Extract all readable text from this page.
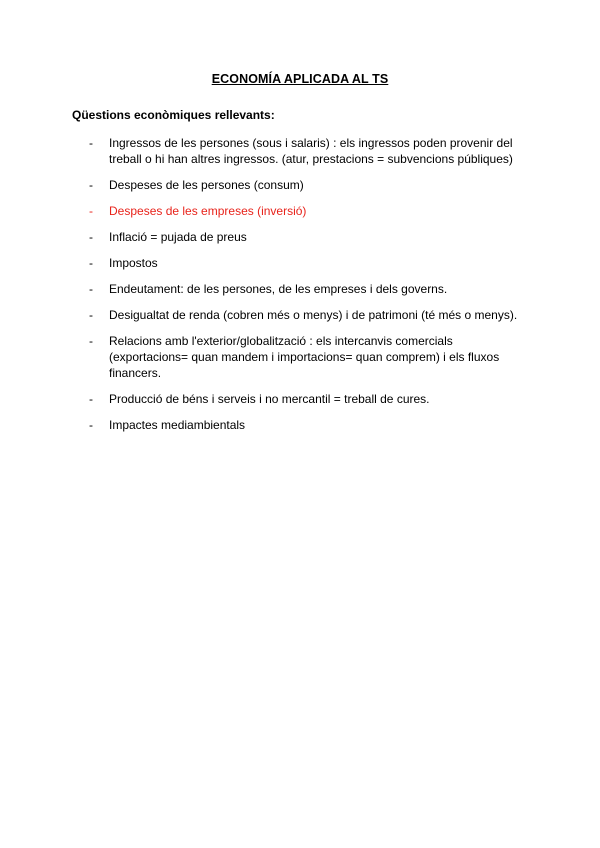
ECONOMÍA APLICADA AL TS
Qüestions econòmiques rellevants:
- Ingressos de les persones (sous i salaris) : els ingressos poden provenir del treball o hi han altres ingressos. (atur, prestacions = subvencions públiques)
- Despeses de les persones (consum)
- Despeses de les empreses (inversió)
- Inflació = pujada de preus
- Impostos
- Endeutament: de les persones, de les empreses i dels governs.
- Desigualtat de renda (cobren més o menys) i de patrimoni (té més o menys).
- Relacions amb l'exterior/globalització : els intercanvis comercials (exportacions= quan mandem i importacions= quan comprem) i els fluxos financers.
- Producció de béns i serveis i no mercantil = treball de cures.
- Impactes mediambientals
